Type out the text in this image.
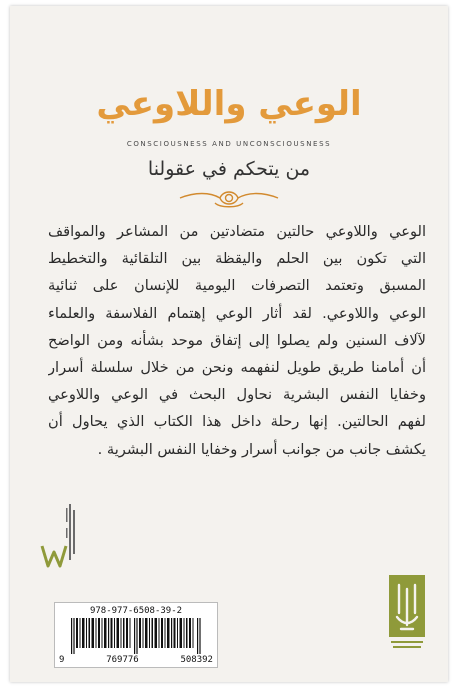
الوعي واللاوعي
CONSCIOUSNESS AND UNCONSCIOUSNESS
من يتحكم في عقولنا
الوعي واللاوعي حالتين متضادتين من المشاعر والمواقف
التي تكون بين الحلم واليقظة بين التلقائية والتخطيط
المسبق وتعتمد التصرفات اليومية للإنسان على ثنائية
الوعي واللاوعي. لقد أثار الوعي إهتمام الفلاسفة والعلماء
لآلاف السنين ولم يصلوا إلى إتفاق موحد بشأنه ومن الواضح
أن أمامنا طريق طويل لنفهمه ونحن من خلال سلسلة أسرار
وخفايا النفس البشرية نحاول البحث في الوعي واللاوعي
لفهم الحالتين. إنها رحلة داخل هذا الكتاب الذي يحاول أن
يكشف جانب من جوانب أسرار وخفايا النفس البشرية .
978-977-6508-39-2
9	769776	508392
